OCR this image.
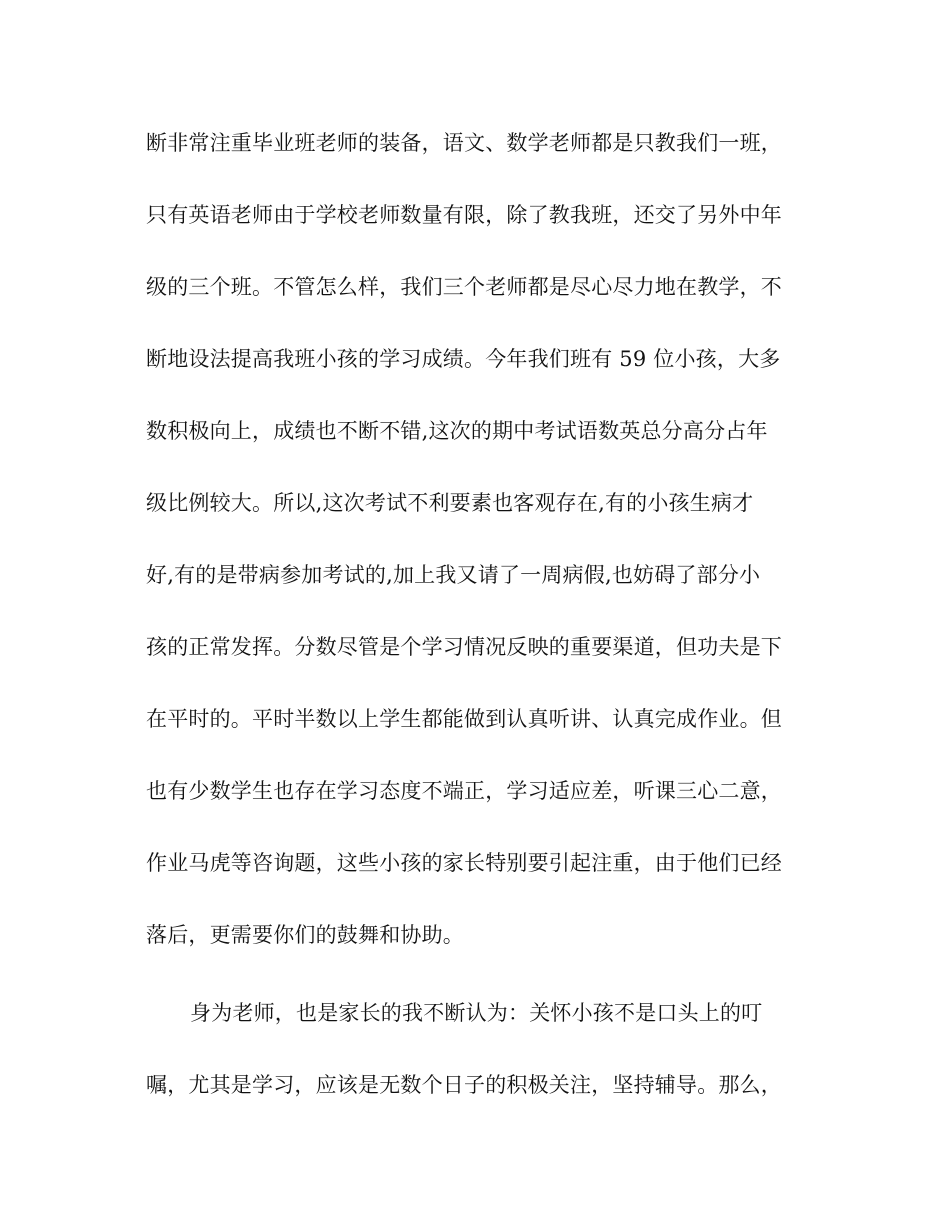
断非常注重毕业班老师的装备，语文、数学老师都是只教我们一班，
只有英语老师由于学校老师数量有限，除了教我班，还交了另外中年
级的三个班。不管怎么样，我们三个老师都是尽心尽力地在教学，不
断地设法提高我班小孩的学习成绩。今年我们班有 59 位小孩，大多
数积极向上，成绩也不断不错,这次的期中考试语数英总分高分占年
级比例较大。所以,这次考试不利要素也客观存在,有的小孩生病才
好,有的是带病参加考试的,加上我又请了一周病假,也妨碍了部分小
孩的正常发挥。分数尽管是个学习情况反映的重要渠道，但功夫是下
在平时的。平时半数以上学生都能做到认真听讲、认真完成作业。但
也有少数学生也存在学习态度不端正，学习适应差，听课三心二意，
作业马虎等咨询题，这些小孩的家长特别要引起注重，由于他们已经
落后，更需要你们的鼓舞和协助。
身为老师，也是家长的我不断认为：关怀小孩不是口头上的叮
嘱，尤其是学习，应该是无数个日子的积极关注，坚持辅导。那么，
